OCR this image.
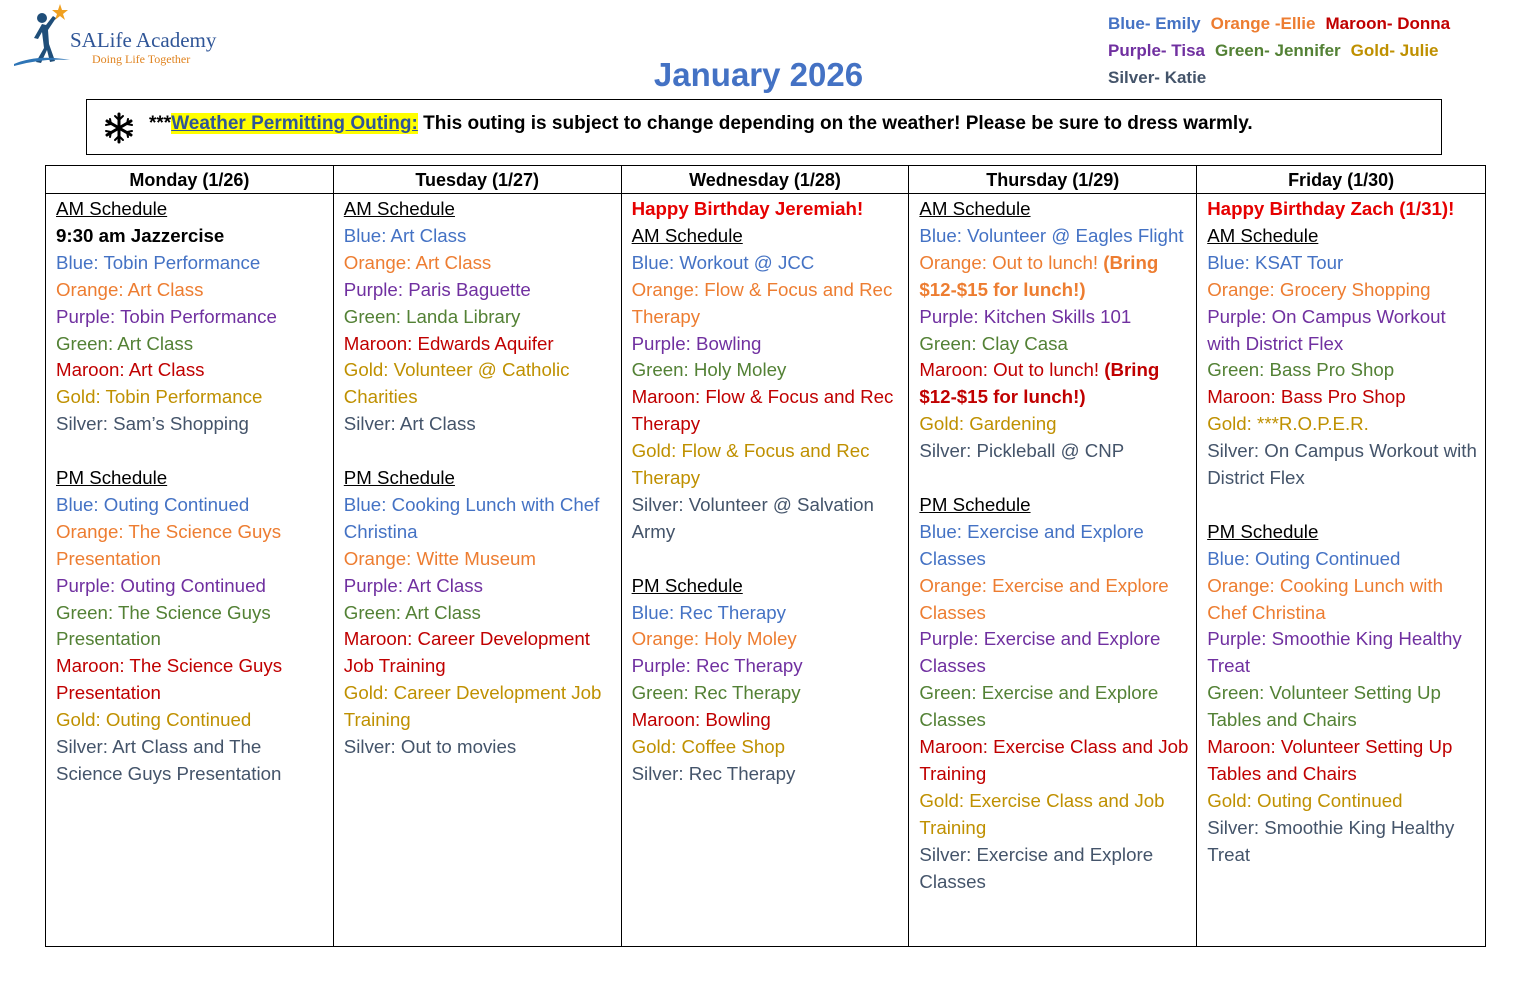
SALife Academy
Doing Life Together	January 2026
Blue- Emily Orange -Ellie Maroon- Donna
Purple- Tisa Green- Jennifer Gold- Julie
Silver- Katie
***Weather Permitting Outing: This outing is subject to change depending on the weather! Please be sure to dress warmly.
Monday (1/26)
AM Schedule
9:30 am Jazzercise
Blue: Tobin Performance
Orange: Art Class
Purple: Tobin Performance
Green: Art Class
Maroon: Art Class
Gold: Tobin Performance
Silver: Sam’s Shopping
PM Schedule
Blue: Outing Continued
Orange: The Science Guys Presentation
Purple: Outing Continued
Green: The Science Guys Presentation
Maroon: The Science Guys Presentation
Gold: Outing Continued
Silver: Art Class and The Science Guys Presentation
Tuesday (1/27)
AM Schedule
Blue: Art Class
Orange: Art Class
Purple: Paris Baguette
Green: Landa Library
Maroon: Edwards Aquifer
Gold: Volunteer @ Catholic Charities
Silver: Art Class
PM Schedule
Blue: Cooking Lunch with Chef Christina
Orange: Witte Museum
Purple: Art Class
Green: Art Class
Maroon: Career Development Job Training
Gold: Career Development Job Training
Silver: Out to movies
Wednesday (1/28)
Happy Birthday Jeremiah!
AM Schedule
Blue: Workout @ JCC
Orange: Flow & Focus and Rec Therapy
Purple: Bowling
Green: Holy Moley
Maroon: Flow & Focus and Rec Therapy
Gold: Flow & Focus and Rec Therapy
Silver: Volunteer @ Salvation Army
PM Schedule
Blue: Rec Therapy
Orange: Holy Moley
Purple: Rec Therapy
Green: Rec Therapy
Maroon: Bowling
Gold: Coffee Shop
Silver: Rec Therapy
Thursday (1/29)
AM Schedule
Blue: Volunteer @ Eagles Flight
Orange: Out to lunch! (Bring $12-$15 for lunch!)
Purple: Kitchen Skills 101
Green: Clay Casa
Maroon: Out to lunch! (Bring $12-$15 for lunch!)
Gold: Gardening
Silver: Pickleball @ CNP
PM Schedule
Blue: Exercise and Explore Classes
Orange: Exercise and Explore Classes
Purple: Exercise and Explore Classes
Green: Exercise and Explore Classes
Maroon: Exercise Class and Job Training
Gold: Exercise Class and Job Training
Silver: Exercise and Explore Classes
Friday (1/30)
Happy Birthday Zach (1/31)!
AM Schedule
Blue: KSAT Tour
Orange: Grocery Shopping
Purple: On Campus Workout with District Flex
Green: Bass Pro Shop
Maroon: Bass Pro Shop
Gold: ***R.O.P.E.R.
Silver: On Campus Workout with District Flex
PM Schedule
Blue: Outing Continued
Orange: Cooking Lunch with Chef Christina
Purple: Smoothie King Healthy Treat
Green: Volunteer Setting Up Tables and Chairs
Maroon: Volunteer Setting Up Tables and Chairs
Gold: Outing Continued
Silver: Smoothie King Healthy Treat
